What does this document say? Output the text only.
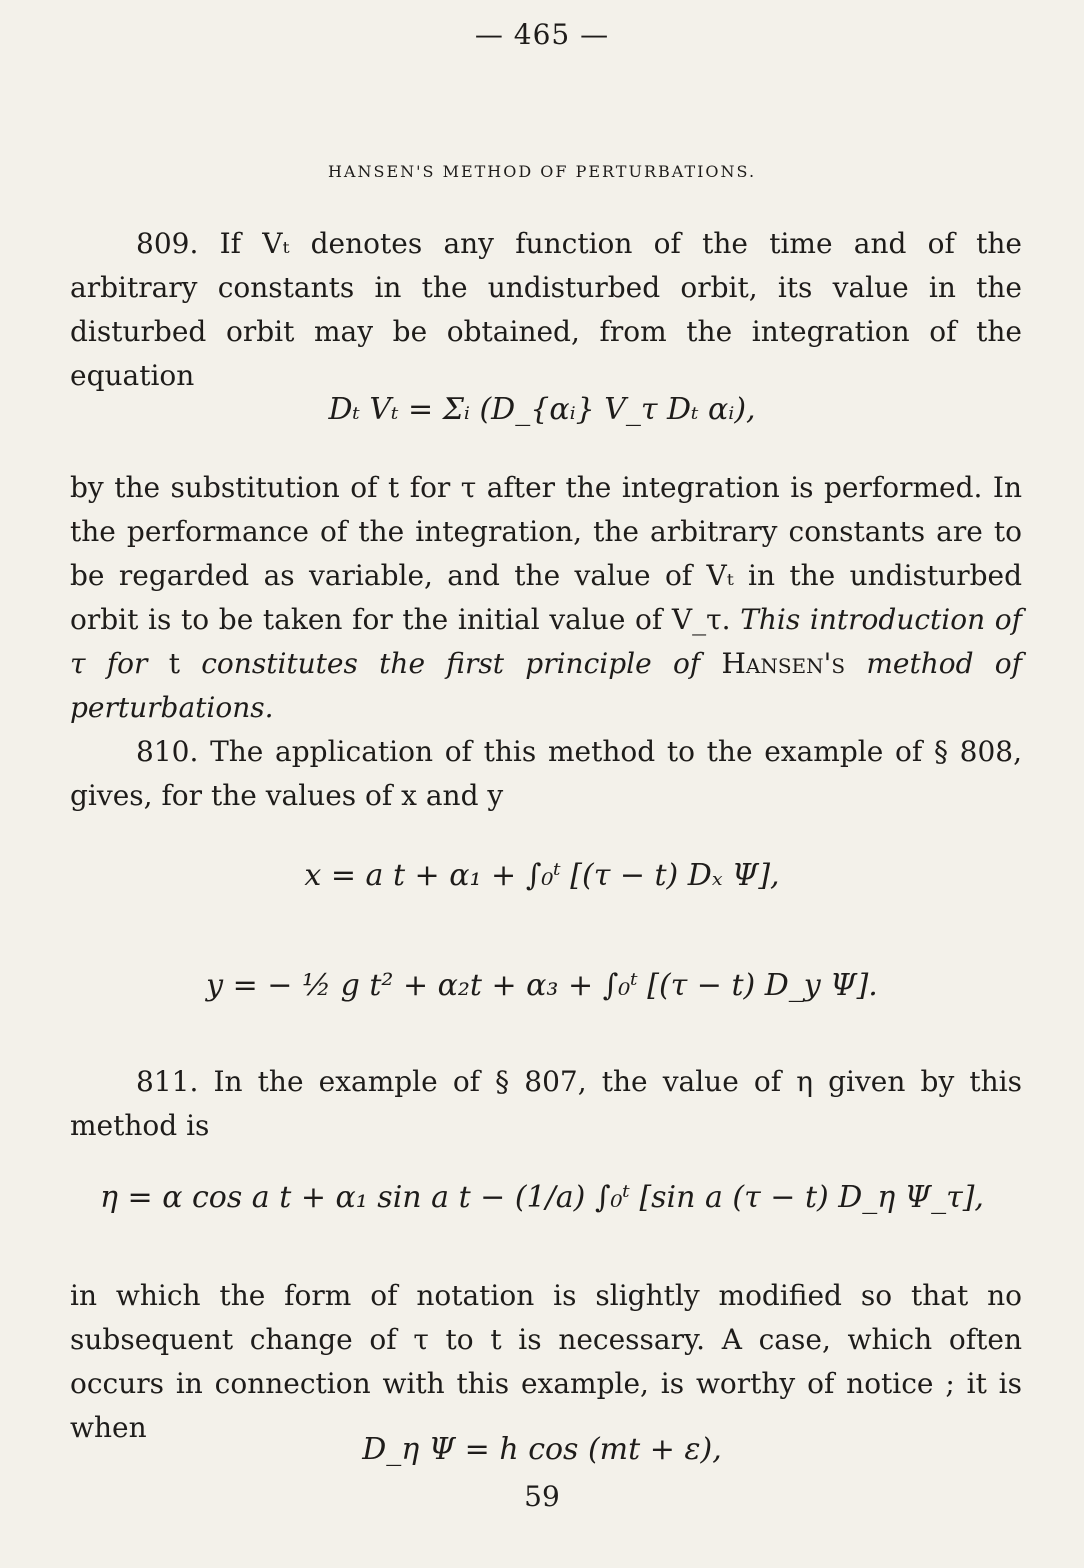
— 465 —
HANSEN'S METHOD OF PERTURBATIONS.

809. If Vₜ denotes any function of the time and of the arbitrary constants in the undisturbed orbit, its value in the disturbed orbit may be obtained, from the integration of the equation

Dₜ Vₜ = Σᵢ (D_{αᵢ} V_τ Dₜ αᵢ),

by the substitution of t for τ after the integration is performed. In the performance of the integration, the arbitrary constants are to be regarded as variable, and the value of Vₜ in the undisturbed orbit is to be taken for the initial value of V_τ. This introduction of τ for t constitutes the first principle of Hansen's method of perturbations.

810. The application of this method to the example of § 808, gives, for the values of x and y

x = a t + α₁ + ∫₀ᵗ [(τ − t) Dₓ Ψ],

y = − ½ g t² + α₂t + α₃ + ∫₀ᵗ [(τ − t) D_y Ψ].

811. In the example of § 807, the value of η given by this method is

η = α cos a t + α₁ sin a t − (1/a) ∫₀ᵗ [sin a (τ − t) D_η Ψ_τ],

in which the form of notation is slightly modified so that no subsequent change of τ to t is necessary. A case, which often occurs in connection with this example, is worthy of notice ; it is when

D_η Ψ = h cos (mt + ε),

59
